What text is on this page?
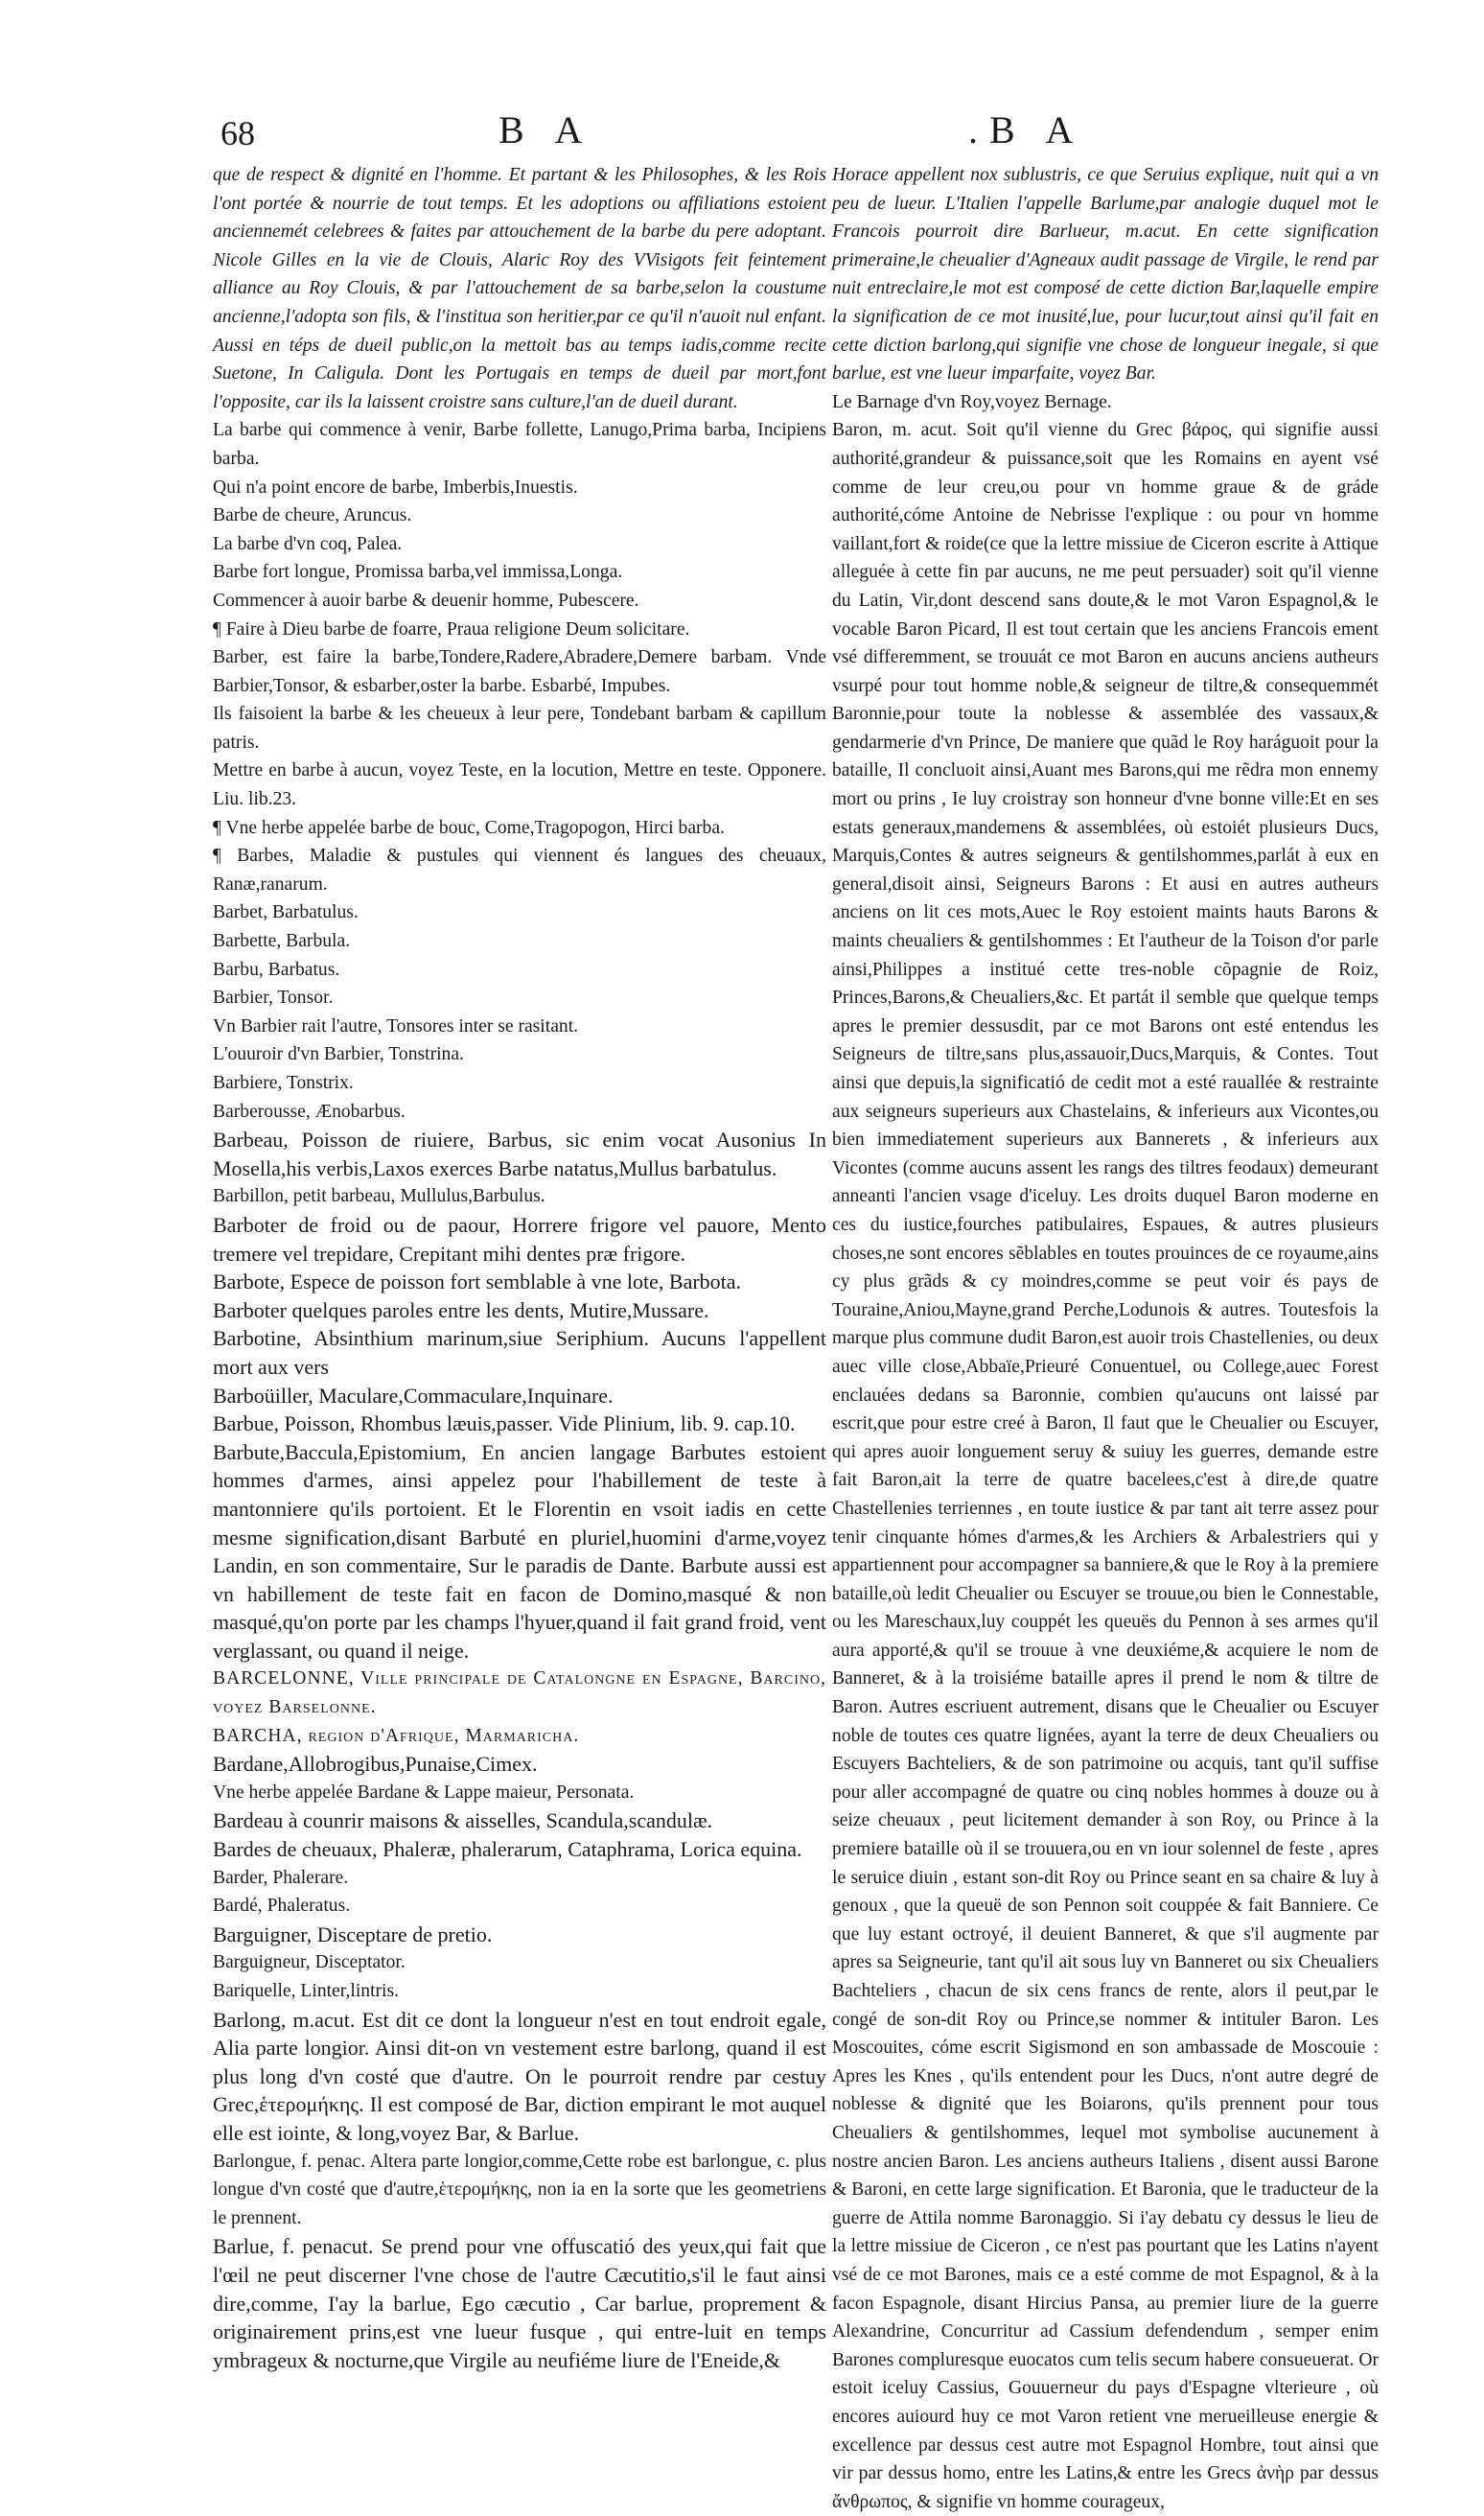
68	B A	.B A

que de respect & dignité en l'homme. Et partant & les Philosophes, & les Rois l'ont portée & nourrie de tout temps. Et les adoptions ou affiliations estoient anciennemét celebrees & faites par attouchement de la barbe du pere adoptant. Nicole Gilles en la vie de Clouis, Alaric Roy des VVisigots feit feintement alliance au Roy Clouis, & par l'attouchement de sa barbe,selon la coustume ancienne,l'adopta son fils, & l'institua son heritier,par ce qu'il n'auoit nul enfant. Aussi en téps de dueil public,on la mettoit bas au temps iadis,comme recite Suetone, In Caligula. Dont les Portugais en temps de dueil par mort,font l'opposite, car ils la laissent croistre sans culture,l'an de dueil durant.

La barbe qui commence à venir, Barbe follette, Lanugo,Prima barba, Incipiens barba.

Qui n'a point encore de barbe, Imberbis,Inuestis.

Barbe de cheure, Aruncus.

La barbe d'vn coq, Palea.

Barbe fort longue, Promissa barba,vel immissa,Longa.

Commencer à auoir barbe & deuenir homme, Pubescere.

¶ Faire à Dieu barbe de foarre, Praua religione Deum solicitare.

Barber, est faire la barbe,Tondere,Radere,Abradere,Demere barbam. Vnde Barbier,Tonsor, & esbarber,oster la barbe. Esbarbé, Impubes.

Ils faisoient la barbe & les cheueux à leur pere, Tondebant barbam & capillum patris.

Mettre en barbe à aucun, voyez Teste, en la locution, Mettre en teste. Opponere. Liu. lib.23.

¶ Vne herbe appelée barbe de bouc, Come,Tragopogon, Hirci barba.

¶ Barbes, Maladie & pustules qui viennent és langues des cheuaux, Ranæ,ranarum.

Barbet, Barbatulus.

Barbette, Barbula.

Barbu, Barbatus.

Barbier, Tonsor.

Vn Barbier rait l'autre, Tonsores inter se rasitant.

L'ouuroir d'vn Barbier, Tonstrina.

Barbiere, Tonstrix.

Barberousse, Ænobarbus.

Barbeau, Poisson de riuiere, Barbus, sic enim vocat Ausonius In Mosella,his verbis,Laxos exerces Barbe natatus,Mullus barbatulus.

Barbillon, petit barbeau, Mullulus,Barbulus.

Barboter de froid ou de paour, Horrere frigore vel pauore, Mento tremere vel trepidare, Crepitant mihi dentes præ frigore.

Barbote, Espece de poisson fort semblable à vne lote, Barbota.

Barboter quelques paroles entre les dents, Mutire,Mussare.

Barbotine, Absinthium marinum,siue Seriphium. Aucuns l'appellent mort aux vers

Barboüiller, Maculare,Commaculare,Inquinare.

Barbue, Poisson, Rhombus læuis,passer. Vide Plinium, lib. 9. cap.10.

Barbute,Baccula,Epistomium, En ancien langage Barbutes estoient hommes d'armes, ainsi appelez pour l'habillement de teste à mantonniere qu'ils portoient. Et le Florentin en vsoit iadis en cette mesme signification,disant Barbuté en pluriel,huomini d'arme,voyez Landin, en son commentaire, Sur le paradis de Dante. Barbute aussi est vn habillement de teste fait en facon de Domino,masqué & non masqué,qu'on porte par les champs l'hyuer,quand il fait grand froid, vent verglassant, ou quand il neige.

BARCELONNE, Ville principale de Catalongne en Espagne, Barcino, voyez Barselonne.

BARCHA, region d'Afrique, Marmaricha.

Bardane,Allobrogibus,Punaise,Cimex.

Vne herbe appelée Bardane & Lappe maieur, Personata.

Bardeau à counrir maisons & aisselles, Scandula,scandulæ.

Bardes de cheuaux, Phaleræ, phalerarum, Cataphrama, Lorica equina.

Barder, Phalerare.

Bardé, Phaleratus.

Barguigner, Disceptare de pretio.

Barguigneur, Disceptator.

Bariquelle, Linter,lintris.

Barlong, m.acut. Est dit ce dont la longueur n'est en tout endroit egale, Alia parte longior. Ainsi dit-on vn vestement estre barlong, quand il est plus long d'vn costé que d'autre. On le pourroit rendre par cestuy Grec,ἑτερομήκης. Il est composé de Bar, diction empirant le mot auquel elle est iointe, & long,voyez Bar, & Barlue.

Barlongue, f. penac. Altera parte longior,comme,Cette robe est barlongue, c. plus longue d'vn costé que d'autre,ἑτερομήκης, non ia en la sorte que les geometriens le prennent.

Barlue, f. penacut. Se prend pour vne offuscatió des yeux,qui fait que l'œil ne peut discerner l'vne chose de l'autre Cæcutitio,s'il le faut ainsi dire,comme, I'ay la barlue, Ego cæcutio , Car barlue, proprement & originairement prins,est vne lueur fusque , qui entre-luit en temps ymbrageux & nocturne,que Virgile au neufiéme liure de l'Eneide,&

Horace appellent nox sublustris, ce que Seruius explique, nuit qui a vn peu de lueur. L'Italien l'appelle Barlume,par analogie duquel mot le Francois pourroit dire Barlueur, m.acut. En cette signification primeraine,le cheualier d'Agneaux audit passage de Virgile, le rend par nuit entreclaire,le mot est composé de cette diction Bar,laquelle empire la signification de ce mot inusité,lue, pour lucur,tout ainsi qu'il fait en cette diction barlong,qui signifie vne chose de longueur inegale, si que barlue, est vne lueur imparfaite, voyez Bar.

Le Barnage d'vn Roy,voyez Bernage.

Baron, m. acut. Soit qu'il vienne du Grec βάρος, qui signifie aussi authorité,grandeur & puissance,soit que les Romains en ayent vsé comme de leur creu,ou pour vn homme graue & de gráde authorité,cóme Antoine de Nebrisse l'explique : ou pour vn homme vaillant,fort & roide(ce que la lettre missiue de Ciceron escrite à Attique alleguée à cette fin par aucuns, ne me peut persuader) soit qu'il vienne du Latin, Vir,dont descend sans doute,& le mot Varon Espagnol,& le vocable Baron Picard, Il est tout certain que les anciens Francois ement vsé differemment, se trouuát ce mot Baron en aucuns anciens autheurs vsurpé pour tout homme noble,& seigneur de tiltre,& consequemmét Baronnie,pour toute la noblesse & assemblée des vassaux,& gendarmerie d'vn Prince, De maniere que quãd le Roy haráguoit pour la bataille, Il concluoit ainsi,Auant mes Barons,qui me rẽdra mon ennemy mort ou prins , Ie luy croistray son honneur d'vne bonne ville:Et en ses estats generaux,mandemens & assemblées, où estoiét plusieurs Ducs, Marquis,Contes & autres seigneurs & gentilshommes,parlát à eux en general,disoit ainsi, Seigneurs Barons : Et ausi en autres autheurs anciens on lit ces mots,Auec le Roy estoient maints hauts Barons & maints cheualiers & gentilshommes : Et l'autheur de la Toison d'or parle ainsi,Philippes a institué cette tres-noble cõpagnie de Roiz, Princes,Barons,& Cheualiers,&c. Et partát il semble que quelque temps apres le premier dessusdit, par ce mot Barons ont esté entendus les Seigneurs de tiltre,sans plus,assauoir,Ducs,Marquis, & Contes. Tout ainsi que depuis,la significatió de cedit mot a esté rauallée & restrainte aux seigneurs superieurs aux Chastelains, & inferieurs aux Vicontes,ou bien immediatement superieurs aux Bannerets , & inferieurs aux Vicontes (comme aucuns assent les rangs des tiltres feodaux) demeurant anneanti l'ancien vsage d'iceluy. Les droits duquel Baron moderne en ces du iustice,fourches patibulaires, Espaues, & autres plusieurs choses,ne sont encores sẽblables en toutes prouinces de ce royaume,ains cy plus grãds & cy moindres,comme se peut voir és pays de Touraine,Aniou,Mayne,grand Perche,Lodunois & autres. Toutesfois la marque plus commune dudit Baron,est auoir trois Chastellenies, ou deux auec ville close,Abbaïe,Prieuré Conuentuel, ou College,auec Forest enclauées dedans sa Baronnie, combien qu'aucuns ont laissé par escrit,que pour estre creé à Baron, Il faut que le Cheualier ou Escuyer, qui apres auoir longuement seruy & suiuy les guerres, demande estre fait Baron,ait la terre de quatre bacelees,c'est à dire,de quatre Chastellenies terriennes , en toute iustice & par tant ait terre assez pour tenir cinquante hómes d'armes,& les Archiers & Arbalestriers qui y appartiennent pour accompagner sa banniere,& que le Roy à la premiere bataille,où ledit Cheualier ou Escuyer se trouue,ou bien le Connestable, ou les Mareschaux,luy couppét les queuës du Pennon à ses armes qu'il aura apporté,& qu'il se trouue à vne deuxiéme,& acquiere le nom de Banneret, & à la troisiéme bataille apres il prend le nom & tiltre de Baron. Autres escriuent autrement, disans que le Cheualier ou Escuyer noble de toutes ces quatre lignées, ayant la terre de deux Cheualiers ou Escuyers Bachteliers, & de son patrimoine ou acquis, tant qu'il suffise pour aller accompagné de quatre ou cinq nobles hommes à douze ou à seize cheuaux , peut licitement demander à son Roy, ou Prince à la premiere bataille où il se trouuera,ou en vn iour solennel de feste , apres le seruice diuin , estant son-dit Roy ou Prince seant en sa chaire & luy à genoux , que la queuë de son Pennon soit couppée & fait Banniere. Ce que luy estant octroyé, il deuient Banneret, & que s'il augmente par apres sa Seigneurie, tant qu'il ait sous luy vn Banneret ou six Cheualiers Bachteliers , chacun de six cens francs de rente, alors il peut,par le congé de son-dit Roy ou Prince,se nommer & intituler Baron. Les Moscouites, cóme escrit Sigismond en son ambassade de Moscouie : Apres les Knes , qu'ils entendent pour les Ducs, n'ont autre degré de noblesse & dignité que les Boiarons, qu'ils prennent pour tous Cheualiers & gentilshommes, lequel mot symbolise aucunement à nostre ancien Baron. Les anciens autheurs Italiens , disent aussi Barone & Baroni, en cette large signification. Et Baronia, que le traducteur de la guerre de Attila nomme Baronaggio. Si i'ay debatu cy dessus le lieu de la lettre missiue de Ciceron , ce n'est pas pourtant que les Latins n'ayent vsé de ce mot Barones, mais ce a esté comme de mot Espagnol, & à la facon Espagnole, disant Hircius Pansa, au premier liure de la guerre Alexandrine, Concurritur ad Cassium defendendum , semper enim Barones compluresque euocatos cum telis secum habere consueuerat. Or estoit iceluy Cassius, Gouuerneur du pays d'Espagne vlterieure , où encores auiourd huy ce mot Varon retient vne merueilleuse energie & excellence par dessus cest autre mot Espagnol Hombre, tout ainsi que vir par dessus homo, entre les Latins,& entre les Grecs ἀνὴρ par dessus ἄνθρωπος, & signifie vn homme courageux,
